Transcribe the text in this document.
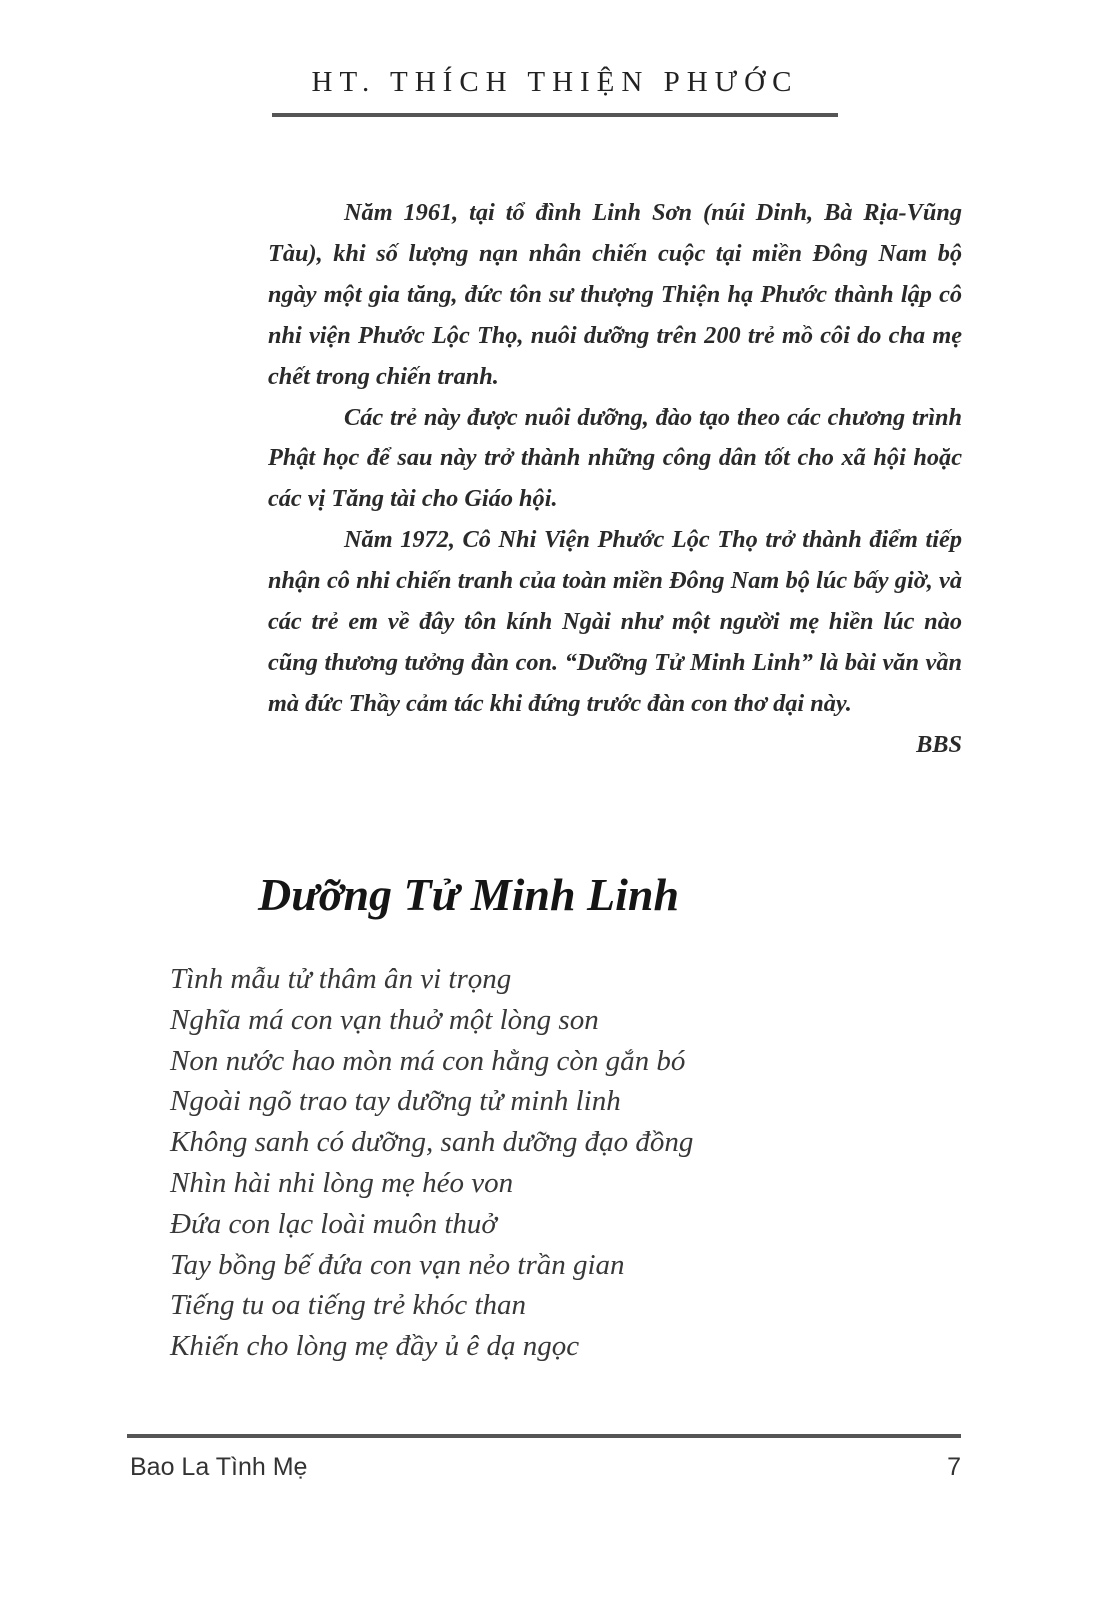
HT. THÍCH THIỆN PHƯỚC

Năm 1961, tại tổ đình Linh Sơn (núi Dinh, Bà Rịa-Vũng Tàu), khi số lượng nạn nhân chiến cuộc tại miền Đông Nam bộ ngày một gia tăng, đức tôn sư thượng Thiện hạ Phước thành lập cô nhi viện Phước Lộc Thọ, nuôi dưỡng trên 200 trẻ mồ côi do cha mẹ chết trong chiến tranh.

Các trẻ này được nuôi dưỡng, đào tạo theo các chương trình Phật học để sau này trở thành những công dân tốt cho xã hội hoặc các vị Tăng tài cho Giáo hội.

Năm 1972, Cô Nhi Viện Phước Lộc Thọ trở thành điểm tiếp nhận cô nhi chiến tranh của toàn miền Đông Nam bộ lúc bấy giờ, và các trẻ em về đây tôn kính Ngài như một người mẹ hiền lúc nào cũng thương tưởng đàn con. “Dưỡng Tử Minh Linh” là bài văn vần mà đức Thầy cảm tác khi đứng trước đàn con thơ dại này.

BBS

Dưỡng Tử Minh Linh
Tình mẫu tử thâm ân vi trọng
Nghĩa má con vạn thuở một lòng son
Non nước hao mòn má con hằng còn gắn bó
Ngoài ngõ trao tay dưỡng tử minh linh
Không sanh có dưỡng, sanh dưỡng đạo đồng
Nhìn hài nhi lòng mẹ héo von
Đứa con lạc loài muôn thuở
Tay bồng bế đứa con vạn nẻo trần gian
Tiếng tu oa tiếng trẻ khóc than
Khiến cho lòng mẹ đầy ủ ê dạ ngọc
Bao La Tình Mẹ	7
